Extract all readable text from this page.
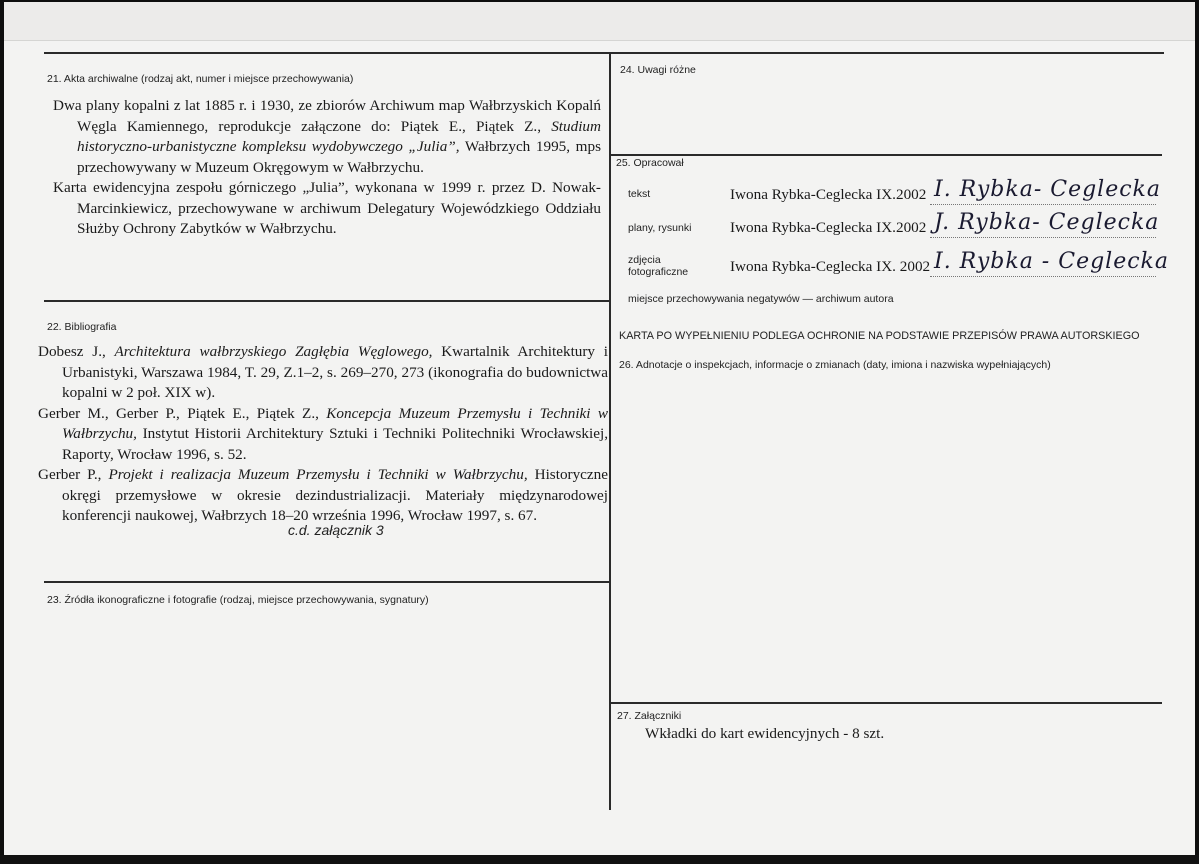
21. Akta archiwalne (rodzaj akt, numer i miejsce przechowywania)
Dwa plany kopalni z lat 1885 r. i 1930, ze zbiorów Archiwum map Wałbrzyskich Kopalń Węgla Kamiennego, reprodukcje załączone do: Piątek E., Piątek Z., Studium historyczno-urbanistyczne kompleksu wydobywczego „Julia”, Wałbrzych 1995, mps przechowywany w Muzeum Okręgowym w Wałbrzychu.
Karta ewidencyjna zespołu górniczego „Julia”, wykonana w 1999 r. przez D. Nowak-Marcinkiewicz, przechowywane w archiwum Delegatury Wojewódzkiego Oddziału Służby Ochrony Zabytków w Wałbrzychu.
22. Bibliografia
Dobesz J., Architektura wałbrzyskiego Zagłębia Węglowego, Kwartalnik Architektury i Urbanistyki, Warszawa 1984, T. 29, Z.1–2, s. 269–270, 273 (ikonografia do budownictwa kopalni w 2 poł. XIX w).
Gerber M., Gerber P., Piątek E., Piątek Z., Koncepcja Muzeum Przemysłu i Techniki w Wałbrzychu, Instytut Historii Architektury Sztuki i Techniki Politechniki Wrocławskiej, Raporty, Wrocław 1996, s. 52.
Gerber P., Projekt i realizacja Muzeum Przemysłu i Techniki w Wałbrzychu, Historyczne okręgi przemysłowe w okresie dezindustrializacji. Materiały międzynarodowej konferencji naukowej, Wałbrzych 18–20 września 1996, Wrocław 1997, s. 67.
c.d. załącznik 3
23. Źródła ikonograficzne i fotografie (rodzaj, miejsce przechowywania, sygnatury)
24. Uwagi różne
25. Opracował
tekst	Iwona Rybka-Ceglecka IX.2002 I. Rybka- Ceglecka
plany, rysunki	Iwona Rybka-Ceglecka IX.2002 J. Rybka- Ceglecka
zdjęcia
fotograficzne	Iwona Rybka-Ceglecka IX. 2002 I. Rybka - Ceglecka
miejsce przechowywania negatywów — archiwum autora
KARTA PO WYPEŁNIENIU PODLEGA OCHRONIE NA PODSTAWIE PRZEPISÓW PRAWA AUTORSKIEGO
26. Adnotacje o inspekcjach, informacje o zmianach (daty, imiona i nazwiska wypełniających)
27. Załączniki
Wkładki do kart ewidencyjnych - 8 szt.
